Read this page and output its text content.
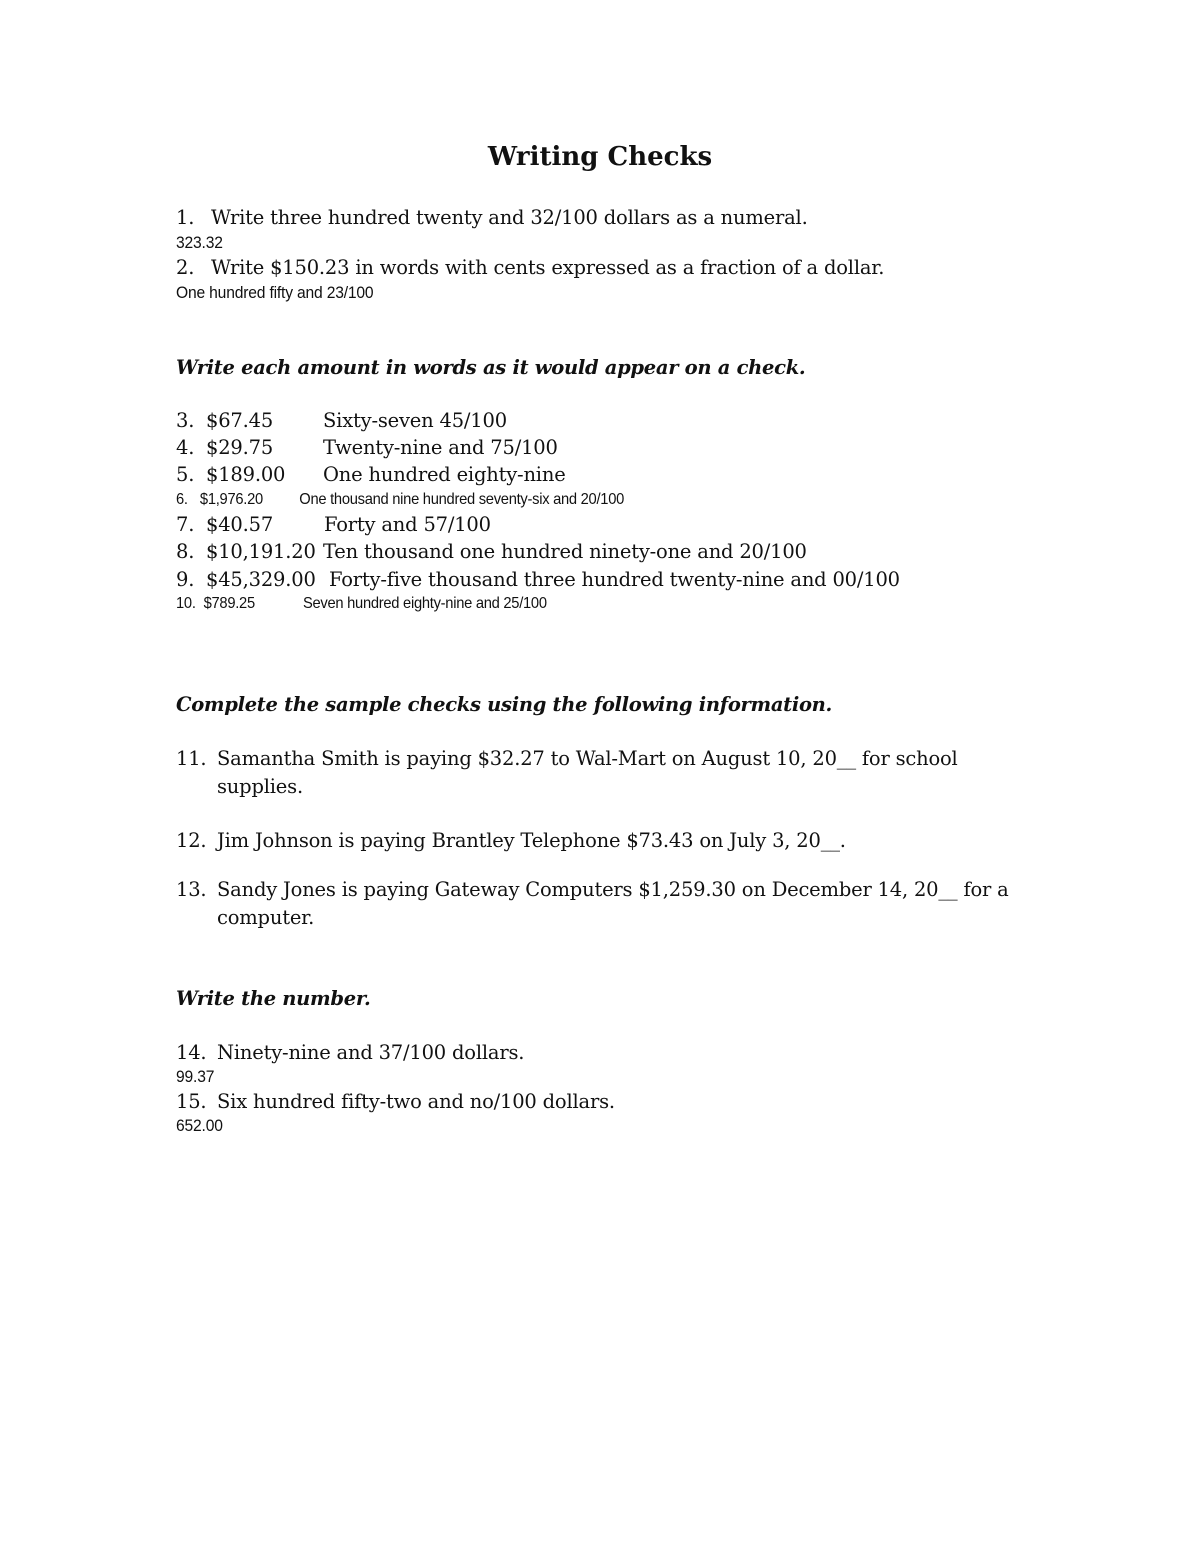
Writing Checks
1. Write three hundred twenty and 32/100 dollars as a numeral.
323.32
2. Write $150.23 in words with cents expressed as a fraction of a dollar.
One hundred fifty and 23/100
Write each amount in words as it would appear on a check.
3. $67.45	Sixty-seven 45/100
4. $29.75	Twenty-nine and 75/100
5. $189.00 One hundred eighty-nine
6. $1,976.20 One thousand nine hundred seventy-six and 20/100
7. $40.57	Forty and 57/100
8. $10,191.20 Ten thousand one hundred ninety-one and 20/100
9. $45,329.00 Forty-five thousand three hundred twenty-nine and 00/100
10. $789.25	Seven hundred eighty-nine and 25/100
Complete the sample checks using the following information.
11. Samantha Smith is paying $32.27 to Wal-Mart on August 10, 20__ for school
supplies.
12. Jim Johnson is paying Brantley Telephone $73.43 on July 3, 20__.
13. Sandy Jones is paying Gateway Computers $1,259.30 on December 14, 20__ for a
computer.
Write the number.
14. Ninety-nine and 37/100 dollars.
99.37
15. Six hundred fifty-two and no/100 dollars.
652.00
